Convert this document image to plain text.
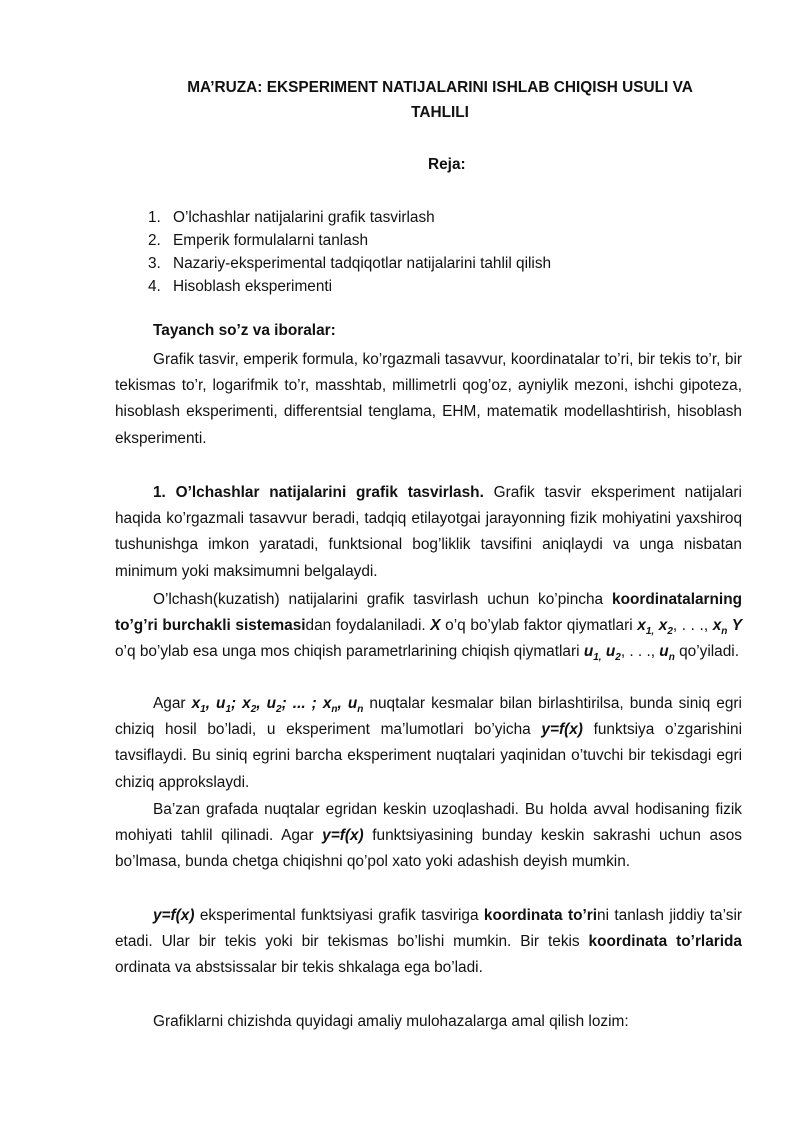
MA’RUZA: EKSPERIMENT NATIJALARINI ISHLAB CHIQISH USULI VA
TAHLILI

Reja:

1. O’lchashlar natijalarini grafik tasvirlash
2. Emperik formulalarni tanlash
3. Nazariy-eksperimental tadqiqotlar natijalarini tahlil qilish
4. Hisoblash eksperimenti

Tayanch so’z va iboralar:

Grafik tasvir, emperik formula, ko’rgazmali tasavvur, koordinatalar to’ri, bir tekis to’r, bir tekismas to’r, logarifmik to’r, masshtab, millimetrli qog’oz, ayniylik mezoni, ishchi gipoteza, hisoblash eksperimenti, differentsial tenglama, EHM, matematik modellashtirish, hisoblash eksperimenti.

1. O’lchashlar natijalarini grafik tasvirlash. Grafik tasvir eksperiment natijalari haqida ko’rgazmali tasavvur beradi, tadqiq etilayotgai jarayonning fizik mohiyatini yaxshiroq tushunishga imkon yaratadi, funktsional bog’liklik tavsifini aniqlaydi va unga nisbatan minimum yoki maksimumni belgalaydi.

O’lchash(kuzatish) natijalarini grafik tasvirlash uchun ko’pincha koordinatalarning to’g’ri burchakli sistemasidan foydalaniladi. X o’q bo’ylab faktor qiymatlari $x_{1,}$ $x_2$, . . ., $x_n$ Y o’q bo’ylab esa unga mos chiqish parametrlarining chiqish qiymatlari $u_{1,}$ $u_2$, . . ., $u_n$ qo’yiladi.

Agar $x_1$, $u_1$; $x_2$, $u_2$; ... ; $x_n$, $u_n$ nuqtalar kesmalar bilan birlashtirilsa, bunda siniq egri chiziq hosil bo’ladi, u eksperiment ma’lumotlari bo’yicha y=f(x) funktsiya o’zgarishini tavsiflaydi. Bu siniq egrini barcha eksperiment nuqtalari yaqinidan o’tuvchi bir tekisdagi egri chiziq approkslaydi.

Ba’zan grafada nuqtalar egridan keskin uzoqlashadi. Bu holda avval hodisaning fizik mohiyati tahlil qilinadi. Agar y=f(x) funktsiyasining bunday keskin sakrashi uchun asos bo’lmasa, bunda chetga chiqishni qo’pol xato yoki adashish deyish mumkin.

y=f(x) eksperimental funktsiyasi grafik tasviriga koordinata to’rini tanlash jiddiy ta’sir etadi. Ular bir tekis yoki bir tekismas bo’lishi mumkin. Bir tekis koordinata to’rlarida ordinata va abstsissalar bir tekis shkalaga ega bo’ladi.

Grafiklarni chizishda quyidagi amaliy mulohazalarga amal qilish lozim:
